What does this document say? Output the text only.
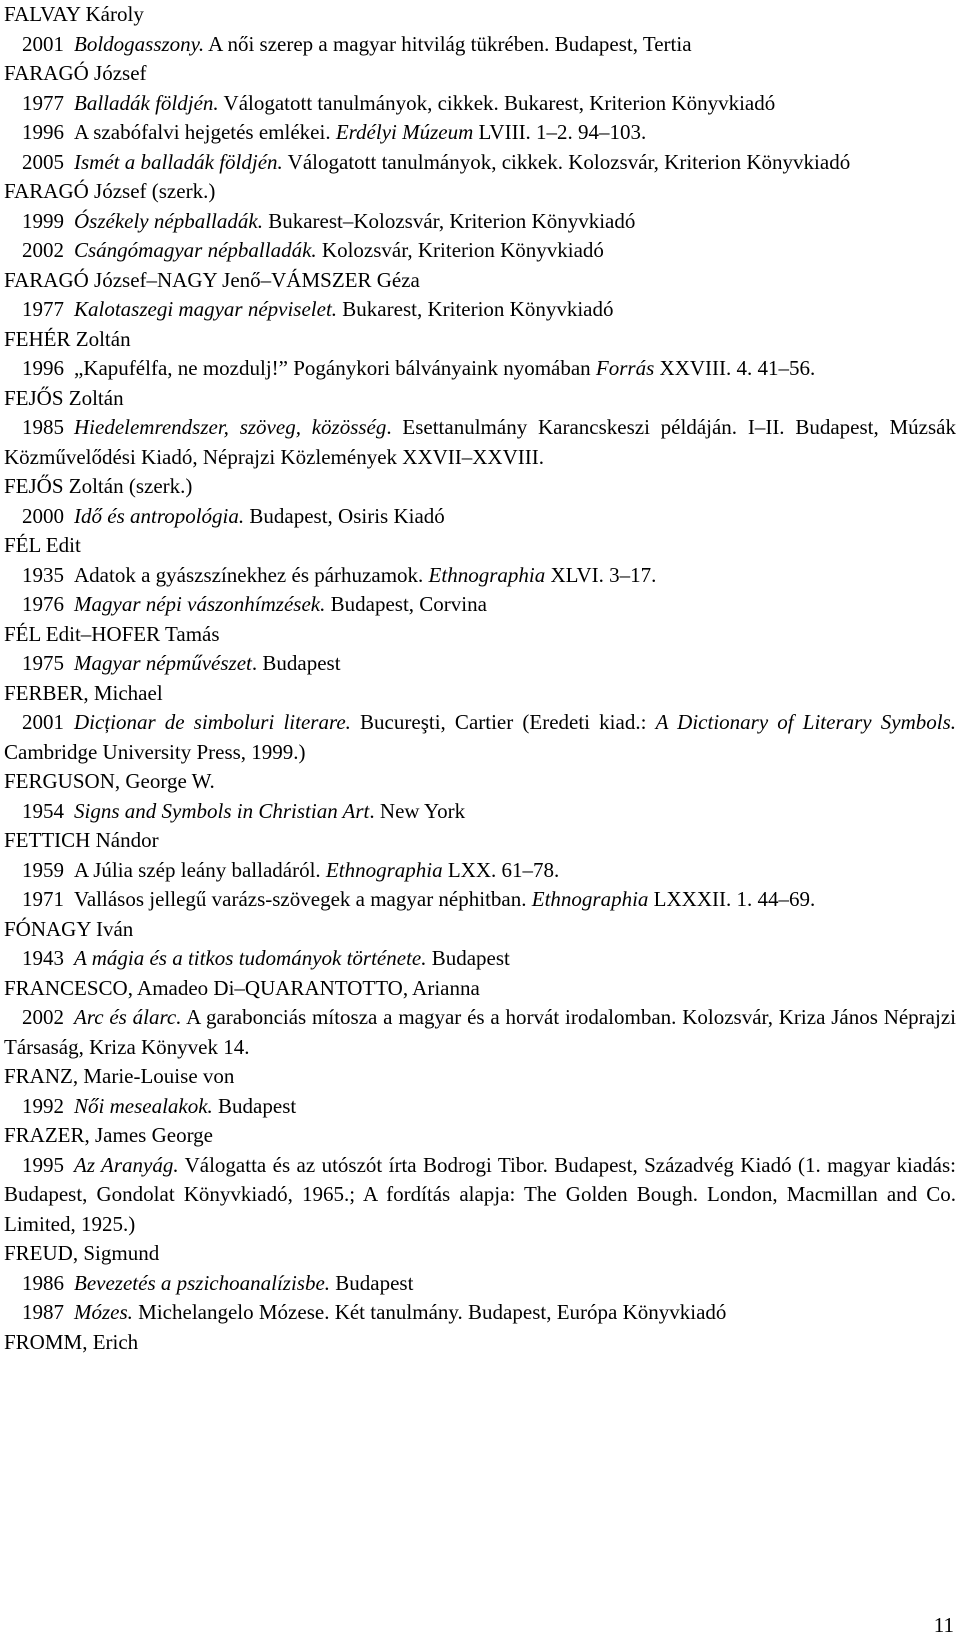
FALVAY Károly
2001 Boldogasszony. A női szerep a magyar hitvilág tükrében. Budapest, Tertia
FARAGÓ József
1977 Balladák földjén. Válogatott tanulmányok, cikkek. Bukarest, Kriterion Könyvkiadó
1996 A szabófalvi hejgetés emlékei. Erdélyi Múzeum LVIII. 1–2. 94–103.
2005 Ismét a balladák földjén. Válogatott tanulmányok, cikkek. Kolozsvár, Kriterion Könyvkiadó
FARAGÓ József (szerk.)
1999 Ószékely népballadák. Bukarest–Kolozsvár, Kriterion Könyvkiadó
2002 Csángómagyar népballadák. Kolozsvár, Kriterion Könyvkiadó
FARAGÓ József–NAGY Jenő–VÁMSZER Géza
1977 Kalotaszegi magyar népviselet. Bukarest, Kriterion Könyvkiadó
FEHÉR Zoltán
1996 „Kapufélfa, ne mozdulj!” Pogánykori bálványaink nyomában Forrás XXVIII. 4. 41–56.
FEJŐS Zoltán
1985 Hiedelemrendszer, szöveg, közösség. Esettanulmány Karancskeszi példáján. I–II. Budapest, Múzsák Közművelődési Kiadó, Néprajzi Közlemények XXVII–XXVIII.
FEJŐS Zoltán (szerk.)
2000 Idő és antropológia. Budapest, Osiris Kiadó
FÉL Edit
1935 Adatok a gyászszínekhez és párhuzamok. Ethnographia XLVI. 3–17.
1976 Magyar népi vászonhímzések. Budapest, Corvina
FÉL Edit–HOFER Tamás
1975 Magyar népművészet. Budapest
FERBER, Michael
2001 Dicționar de simboluri literare. Bucureşti, Cartier (Eredeti kiad.: A Dictionary of Literary Symbols. Cambridge University Press, 1999.)
FERGUSON, George W.
1954 Signs and Symbols in Christian Art. New York
FETTICH Nándor
1959 A Júlia szép leány balladáról. Ethnographia LXX. 61–78.
1971 Vallásos jellegű varázs-szövegek a magyar néphitban. Ethnographia LXXXII. 1. 44–69.
FÓNAGY Iván
1943 A mágia és a titkos tudományok története. Budapest
FRANCESCO, Amadeo Di–QUARANTOTTO, Arianna
2002 Arc és álarc. A garabonciás mítosza a magyar és a horvát irodalomban. Kolozsvár, Kriza János Néprajzi Társaság, Kriza Könyvek 14.
FRANZ, Marie-Louise von
1992 Női mesealakok. Budapest
FRAZER, James George
1995 Az Aranyág. Válogatta és az utószót írta Bodrogi Tibor. Budapest, Századvég Kiadó (1. magyar kiadás: Budapest, Gondolat Könyvkiadó, 1965.; A fordítás alapja: The Golden Bough. London, Macmillan and Co. Limited, 1925.)
FREUD, Sigmund
1986 Bevezetés a pszichoanalízisbe. Budapest
1987 Mózes. Michelangelo Mózese. Két tanulmány. Budapest, Európa Könyvkiadó
FROMM, Erich
11
